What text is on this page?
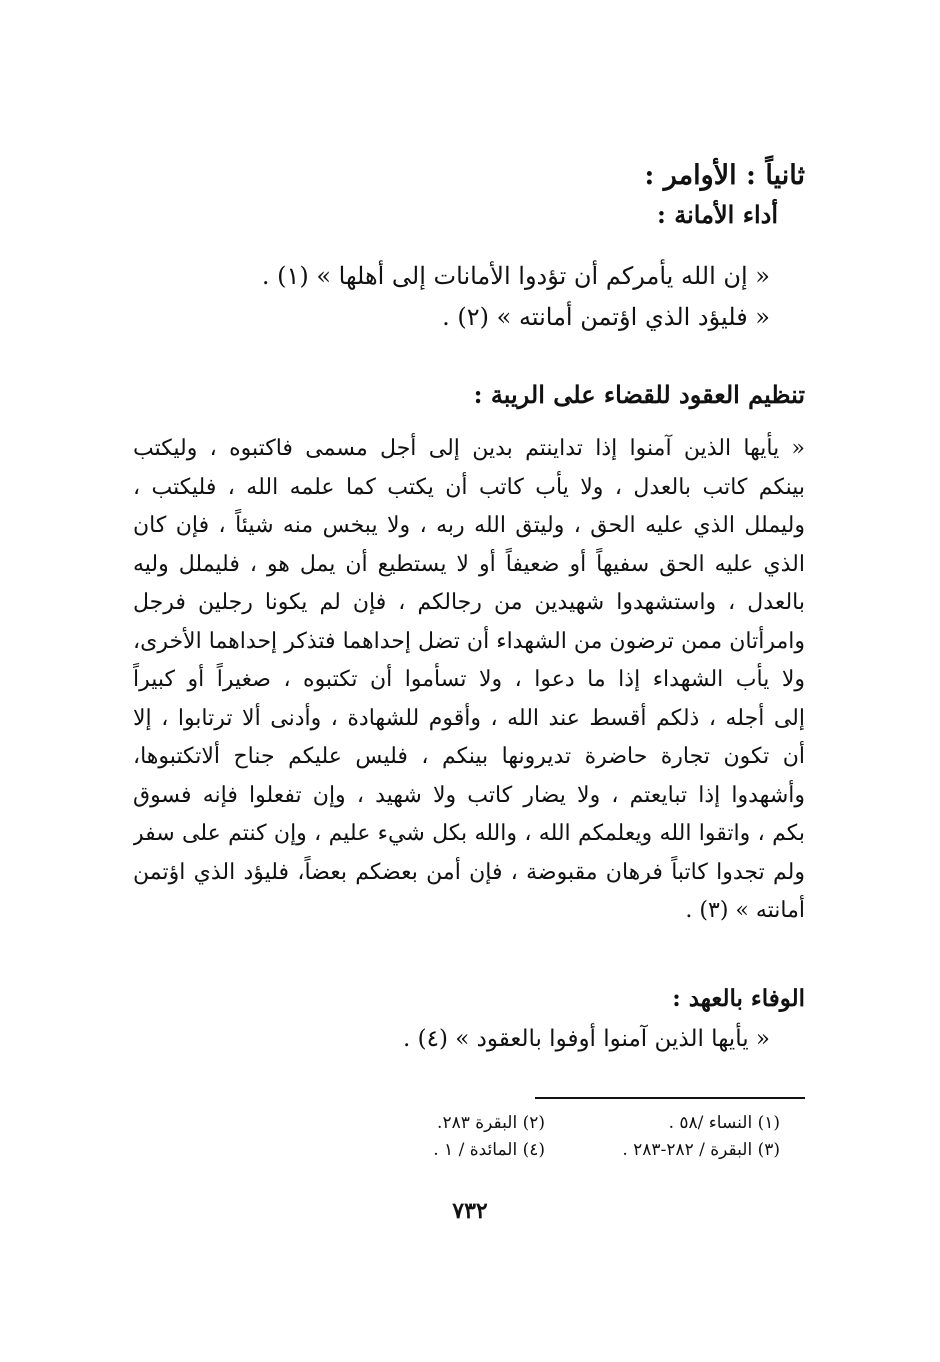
ثانياً : الأوامر :
أداء الأمانة :
« إن الله يأمركم أن تؤدوا الأمانات إلى أهلها » (١) .
« فليؤد الذي اؤتمن أمانته » (٢) .
تنظيم العقود للقضاء على الريبة :
« يأيها الذين آمنوا إذا تداينتم بدين إلى أجل مسمى فاكتبوه ، وليكتب
بينكم كاتب بالعدل ، ولا يأب كاتب أن يكتب كما علمه الله ، فليكتب ،
وليملل الذي عليه الحق ، وليتق الله ربه ، ولا يبخس منه شيئاً ، فإن كان
الذي عليه الحق سفيهاً أو ضعيفاً أو لا يستطيع أن يمل هو ، فليملل وليه
بالعدل ، واستشهدوا شهيدين من رجالكم ، فإن لم يكونا رجلين فرجل
وامرأتان ممن ترضون من الشهداء أن تضل إحداهما فتذكر إحداهما الأخرى،
ولا يأب الشهداء إذا ما دعوا ، ولا تسأموا أن تكتبوه ، صغيراً أو كبيراً
إلى أجله ، ذلكم أقسط عند الله ، وأقوم للشهادة ، وأدنى ألا ترتابوا ، إلا
أن تكون تجارة حاضرة تديرونها بينكم ، فليس عليكم جناح ألاتكتبوها،
وأشهدوا إذا تبايعتم ، ولا يضار كاتب ولا شهيد ، وإن تفعلوا فإنه فسوق
بكم ، واتقوا الله ويعلمكم الله ، والله بكل شيء عليم ، وإن كنتم على سفر
ولم تجدوا كاتباً فرهان مقبوضة ، فإن أمن بعضكم بعضاً، فليؤد الذي اؤتمن
أمانته » (٣) .
الوفاء بالعهد :
« يأيها الذين آمنوا أوفوا بالعقود » (٤) .
(١) النساء /٥٨ .
(٢) البقرة ٢٨٣.
(٣) البقرة / ٢٨٢-٢٨٣ .
(٤) المائدة / ١ .
٧٣٢
